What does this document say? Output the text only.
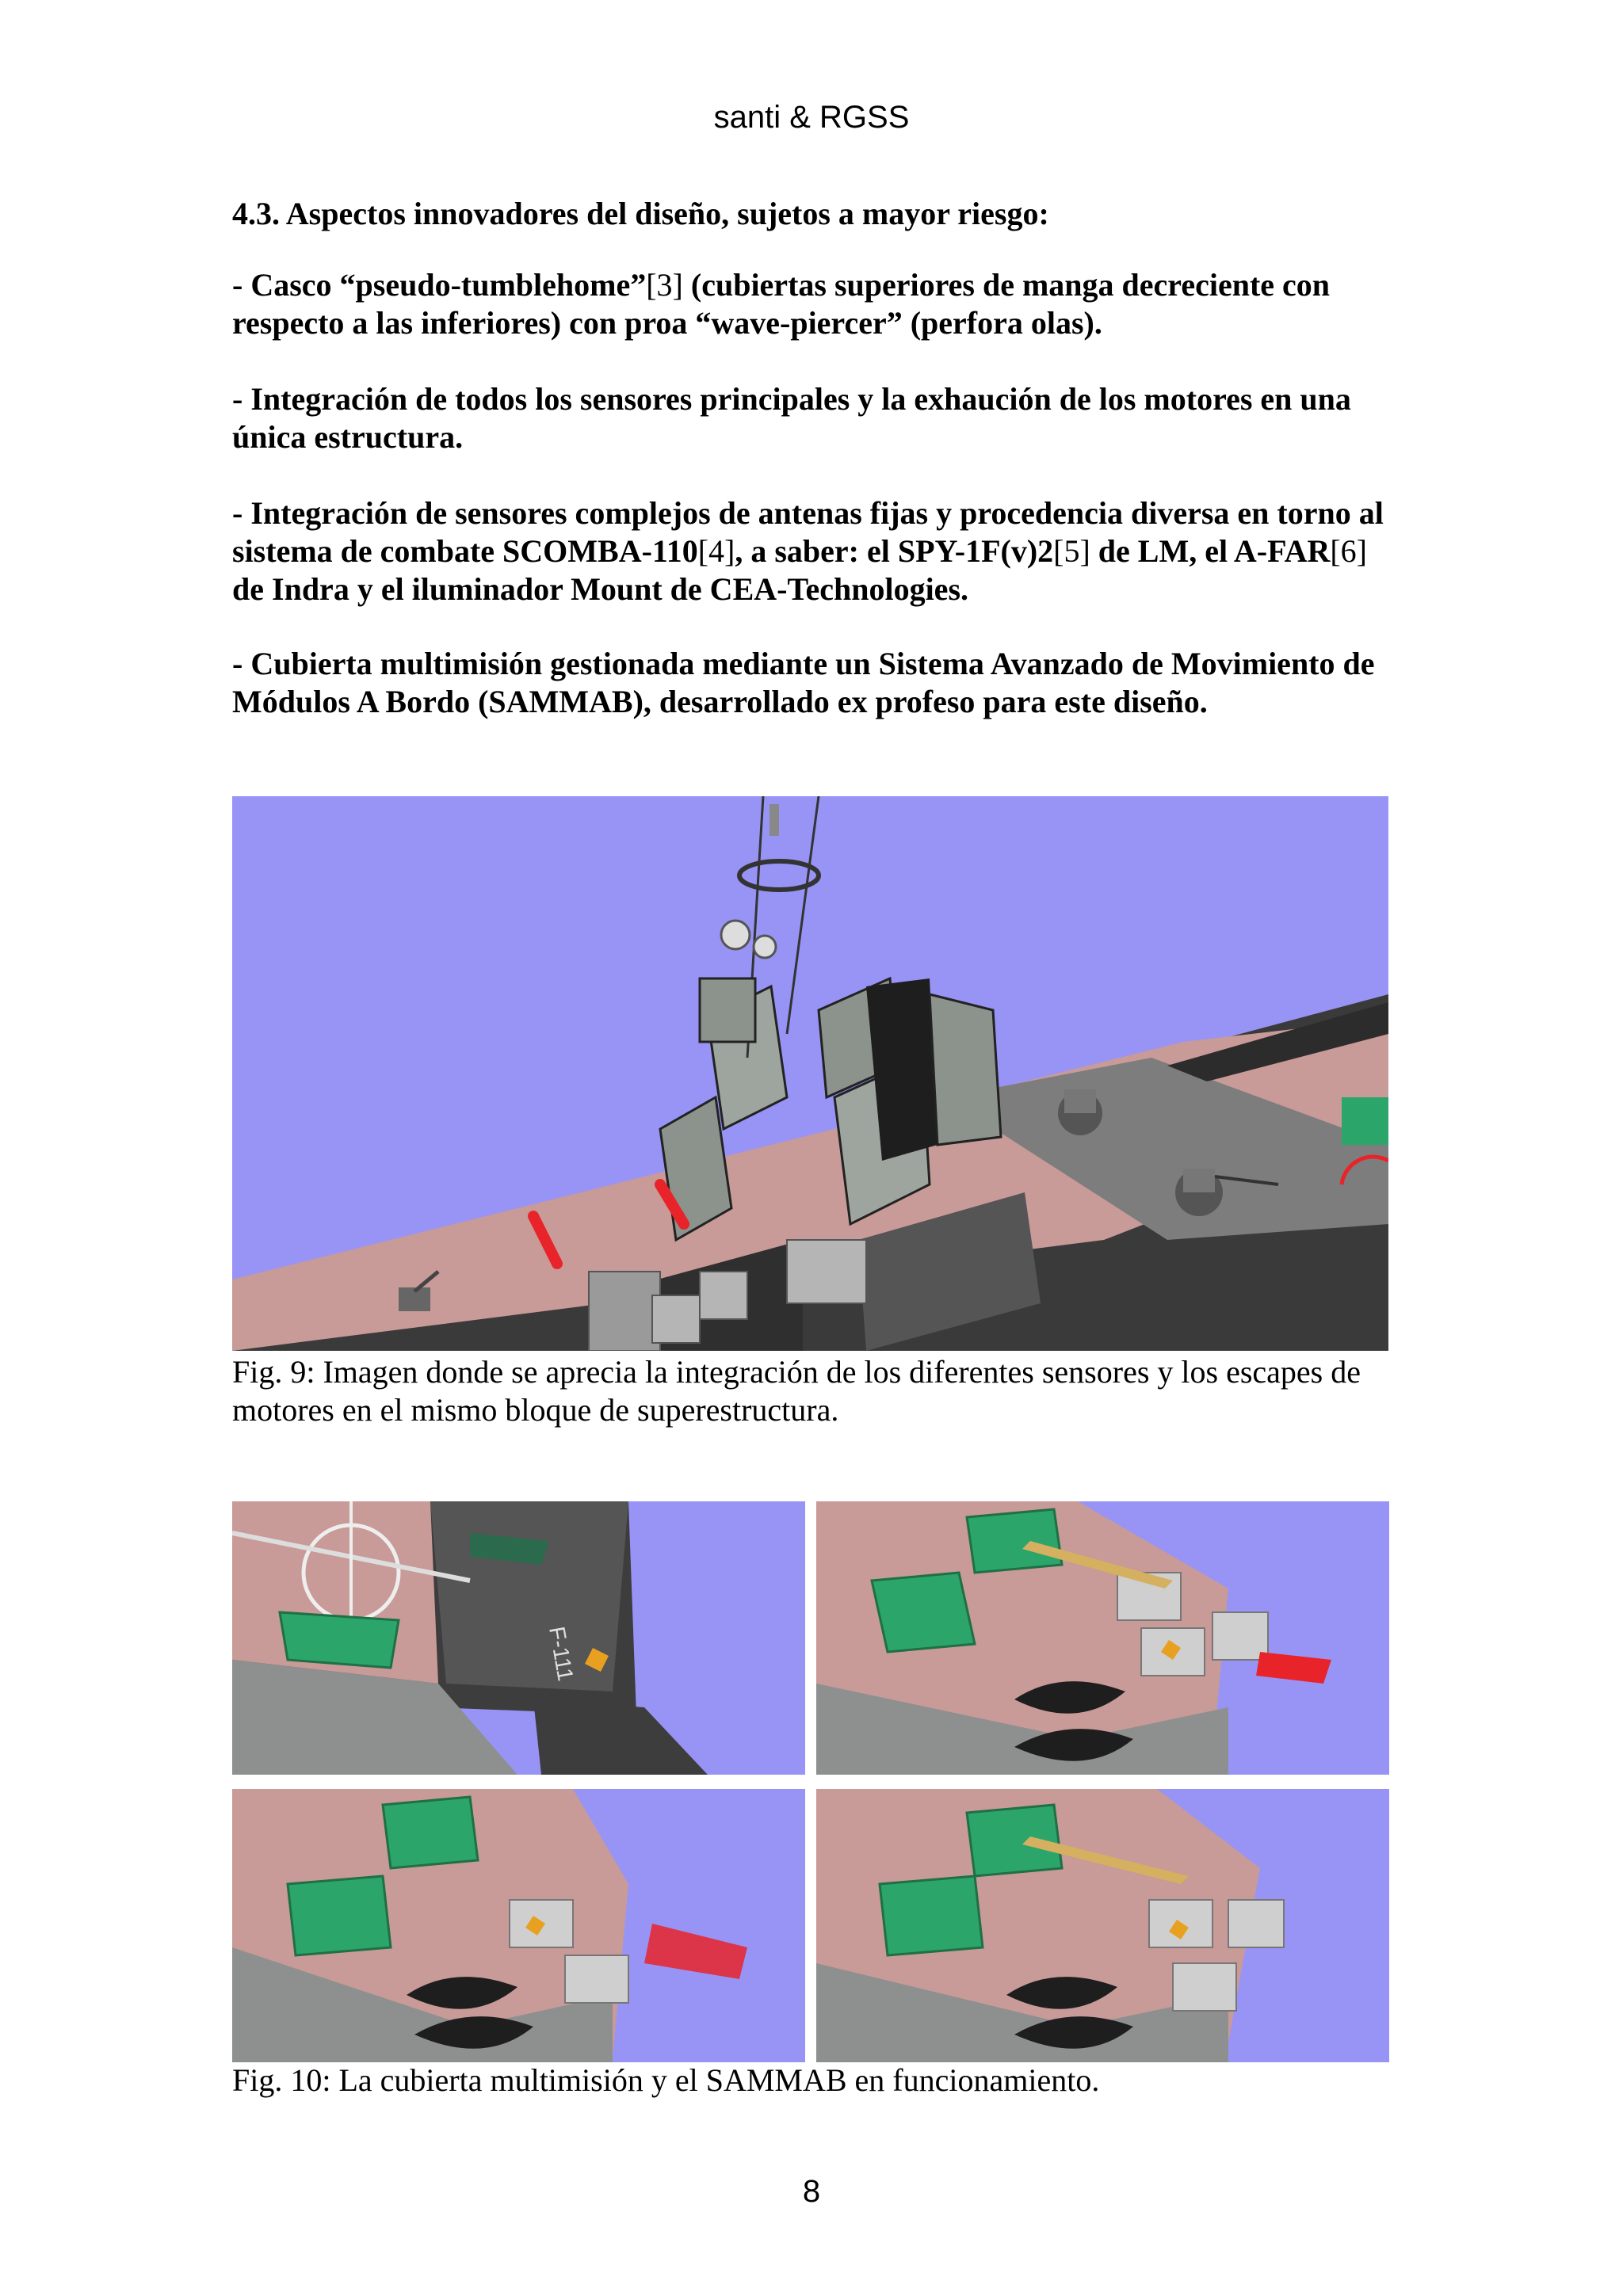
santi & RGSS
4.3. Aspectos innovadores del diseño, sujetos a mayor riesgo:

- Casco “pseudo-tumblehome”[3] (cubiertas superiores de manga decreciente con respecto a las inferiores) con proa “wave-piercer” (perfora olas).

- Integración de todos los sensores principales y la exhaución de los motores en una única estructura.

- Integración de sensores complejos de antenas fijas y procedencia diversa en torno al sistema de combate SCOMBA-110[4], a saber: el SPY-1F(v)2[5] de LM, el A-FAR[6] de Indra y el iluminador Mount de CEA-Technologies.

- Cubierta multimisión gestionada mediante un Sistema Avanzado de Movimiento de Módulos A Bordo (SAMMAB), desarrollado ex profeso para este diseño.

Fig. 9: Imagen donde se aprecia la integración de los diferentes sensores y los escapes de motores en el mismo bloque de superestructura.
F-111
Fig. 10: La cubierta multimisión y el SAMMAB en funcionamiento.
8
